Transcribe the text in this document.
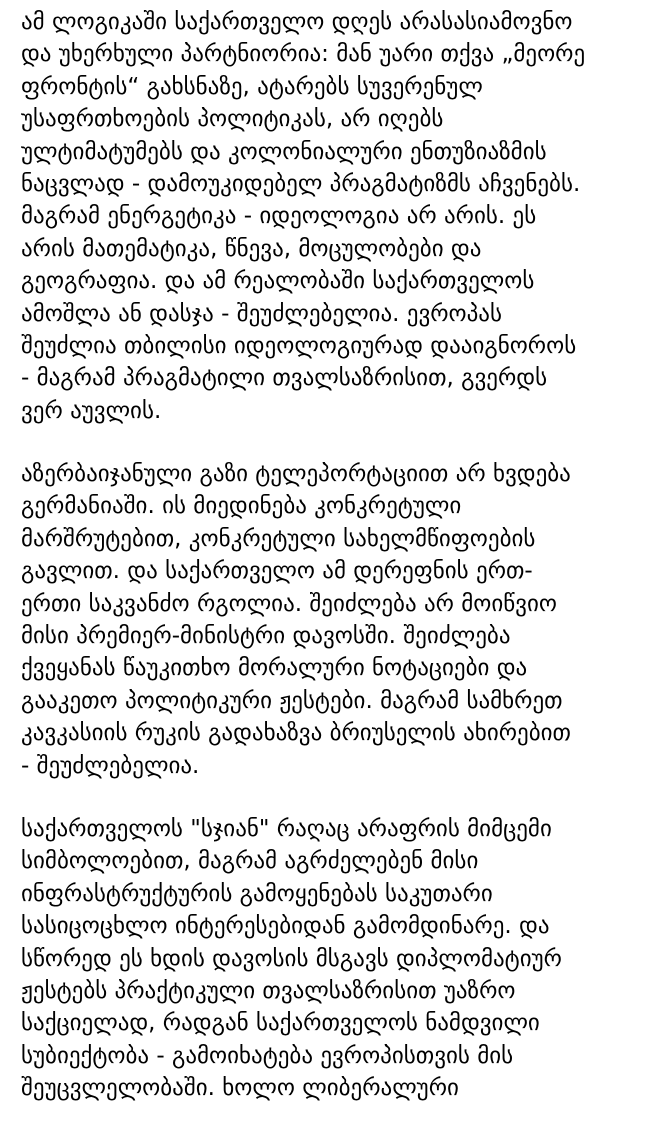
ამ ლოგიკაში საქართველო დღეს არასასიამოვნო
და უხერხული პარტნიორია: მან უარი თქვა „მეორე
ფრონტის“ გახსნაზე, ატარებს სუვერენულ
უსაფრთხოების პოლიტიკას, არ იღებს
ულტიმატუმებს და კოლონიალური ენთუზიაზმის
ნაცვლად - დამოუკიდებელ პრაგმატიზმს აჩვენებს.
მაგრამ ენერგეტიკა - იდეოლოგია არ არის. ეს
არის მათემატიკა, წნევა, მოცულობები და
გეოგრაფია. და ამ რეალობაში საქართველოს
ამოშლა ან დასჯა - შეუძლებელია. ევროპას
შეუძლია თბილისი იდეოლოგიურად დააიგნოროს
- მაგრამ პრაგმატილი თვალსაზრისით, გვერდს
ვერ აუვლის.
აზერბაიჯანული გაზი ტელეპორტაციით არ ხვდება
გერმანიაში. ის მიედინება კონკრეტული
მარშრუტებით, კონკრეტული სახელმწიფოების
გავლით. და საქართველო ამ დერეფნის ერთ-
ერთი საკვანძო რგოლია. შეიძლება არ მოიწვიო
მისი პრემიერ-მინისტრი დავოსში. შეიძლება
ქვეყანას წაუკითხო მორალური ნოტაციები და
გააკეთო პოლიტიკური ჟესტები. მაგრამ სამხრეთ
კავკასიის რუკის გადახაზვა ბრიუსელის ახირებით
- შეუძლებელია.
საქართველოს "სჯიან" რაღაც არაფრის მიმცემი
სიმბოლოებით, მაგრამ აგრძელებენ მისი
ინფრასტრუქტურის გამოყენებას საკუთარი
სასიცოცხლო ინტერესებიდან გამომდინარე. და
სწორედ ეს ხდის დავოსის მსგავს დიპლომატიურ
ჟესტებს პრაქტიკული თვალსაზრისით უაზრო
საქციელად, რადგან საქართველოს ნამდვილი
სუბიექტობა - გამოიხატება ევროპისთვის მის
შეუცვლელობაში. ხოლო ლიბერალური
